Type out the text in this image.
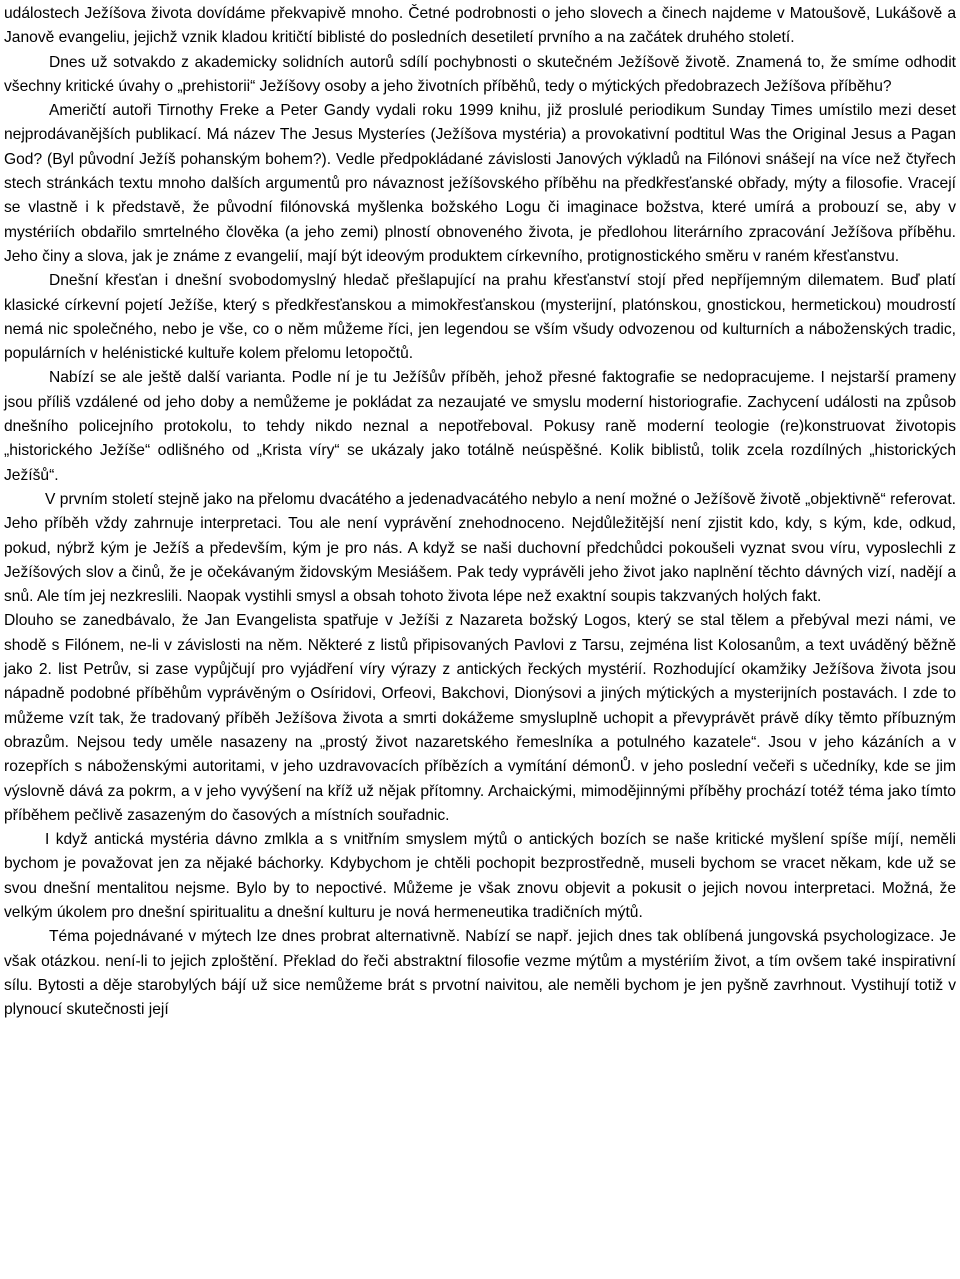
událostech Ježíšova života dovídáme překvapivě mnoho. Četné podrobnosti o jeho slovech a činech najdeme v Matoušově, Lukášově a Janově evangeliu, jejichž vznik kladou kritičtí biblisté do posledních desetiletí prvního a na začátek druhého století.

Dnes už sotvakdo z akademicky solidních autorů sdílí pochybnosti o skutečném Ježíšově životě. Znamená to, že smíme odhodit všechny kritické úvahy o „prehistorii“ Ježíšovy osoby a jeho životních příběhů, tedy o mýtických předobrazech Ježíšova příběhu?

Američtí autoři Tirnothy Freke a Peter Gandy vydali roku 1999 knihu, již proslulé periodikum Sunday Times umístilo mezi deset nejprodávanějších publikací. Má název The Jesus Mysteríes (Ježíšova mystéria) a provokativní podtitul Was the Original Jesus a Pagan God? (Byl původní Ježíš pohanským bohem?). Vedle předpokládané závislosti Janových výkladů na Filónovi snášejí na více než čtyřech stech stránkách textu mnoho dalších argumentů pro návaznost ježíšovského příběhu na předkřesťanské obřady, mýty a filosofie. Vracejí se vlastně i k představě, že původní filónovská myšlenka božského Logu či imaginace božstva, které umírá a probouzí se, aby v mystériích obdařilo smrtelného člověka (a jeho zemi) plností obnoveného života, je předlohou literárního zpracování Ježíšova příběhu. Jeho činy a slova, jak je známe z evangelií, mají být ideovým produktem církevního, protignostického směru v raném křesťanstvu.

Dnešní křesťan i dnešní svobodomyslný hledač přešlapující na prahu křesťanství stojí před nepříjemným dilematem. Buď platí klasické církevní pojetí Ježíše, který s předkřesťanskou a mimokřesťanskou (mysterijní, platónskou, gnostickou, hermetickou) moudrostí nemá nic společného, nebo je vše, co o něm můžeme říci, jen legendou se vším všudy odvozenou od kulturních a náboženských tradic, populárních v helénistické kultuře kolem přelomu letopočtů.

Nabízí se ale ještě další varianta. Podle ní je tu Ježíšův příběh, jehož přesné faktografie se nedopracujeme. I nejstarší prameny jsou příliš vzdálené od jeho doby a nemůžeme je pokládat za nezaujaté ve smyslu moderní historiografie. Zachycení události na způsob dnešního policejního protokolu, to tehdy nikdo neznal a nepotřeboval. Pokusy raně moderní teologie (re)konstruovat životopis „historického Ježíše“ odlišného od „Krista víry“ se ukázaly jako totálně neúspěšné. Kolik biblistů, tolik zcela rozdílných „historických Ježíšů“.

V prvním století stejně jako na přelomu dvacátého a jedenadvacátého nebylo a není možné o Ježíšově životě „objektivně“ referovat. Jeho příběh vždy zahrnuje interpretaci. Tou ale není vyprávění znehodnoceno. Nejdůležitější není zjistit kdo, kdy, s kým, kde, odkud, pokud, nýbrž kým je Ježíš a především, kým je pro nás. A když se naši duchovní předchůdci pokoušeli vyznat svou víru, vyposlechli z Ježíšových slov a činů, že je očekávaným židovským Mesiášem. Pak tedy vyprávěli jeho život jako naplnění těchto dávných vizí, nadějí a snů. Ale tím jej nezkreslili. Naopak vystihli smysl a obsah tohoto života lépe než exaktní soupis takzvaných holých fakt.

Dlouho se zanedbávalo, že Jan Evangelista spatřuje v Ježíši z Nazareta božský Logos, který se stal tělem a přebýval mezi námi, ve shodě s Filónem, ne-li v závislosti na něm. Některé z listů připisovaných Pavlovi z Tarsu, zejména list Kolosanům, a text uváděný běžně jako 2. list Petrův, si zase vypůjčují pro vyjádření víry výrazy z antických řeckých mystérií. Rozhodující okamžiky Ježíšova života jsou nápadně podobné příběhům vyprávěným o Osíridovi, Orfeovi, Bakchovi, Dionýsovi a jiných mýtických a mysterijních postavách. I zde to můžeme vzít tak, že tradovaný příběh Ježíšova života a smrti dokážeme smysluplně uchopit a převyprávět právě díky těmto příbuzným obrazům. Nejsou tedy uměle nasazeny na „prostý život nazaretského řemeslníka a potulného kazatele“. Jsou v jeho kázáních a v rozepřích s náboženskými autoritami, v jeho uzdravovacích příbězích a vymítání démonŮ. v jeho poslední večeři s učedníky, kde se jim výslovně dává za pokrm, a v jeho vyvýšení na kříž už nějak přítomny. Archaickými, mimodějinnými příběhy prochází totéž téma jako tímto příběhem pečlivě zasazeným do časových a místních souřadnic.

I když antická mystéria dávno zmlkla a s vnitřním smyslem mýtů o antických bozích se naše kritické myšlení spíše míjí, neměli bychom je považovat jen za nějaké báchorky. Kdybychom je chtěli pochopit bezprostředně, museli bychom se vracet někam, kde už se svou dnešní mentalitou nejsme. Bylo by to nepoctivé. Můžeme je však znovu objevit a pokusit o jejich novou interpretaci. Možná, že velkým úkolem pro dnešní spiritualitu a dnešní kulturu je nová hermeneutika tradičních mýtů.

Téma pojednávané v mýtech lze dnes probrat alternativně. Nabízí se např. jejich dnes tak oblíbená jungovská psychologizace. Je však otázkou. není-li to jejich zploštění. Překlad do řeči abstraktní filosofie vezme mýtům a mystériím život, a tím ovšem také inspirativní sílu. Bytosti a děje starobylých bájí už sice nemůžeme brát s prvotní naivitou, ale neměli bychom je jen pyšně zavrhnout. Vystihují totiž v plynoucí skutečnosti její
